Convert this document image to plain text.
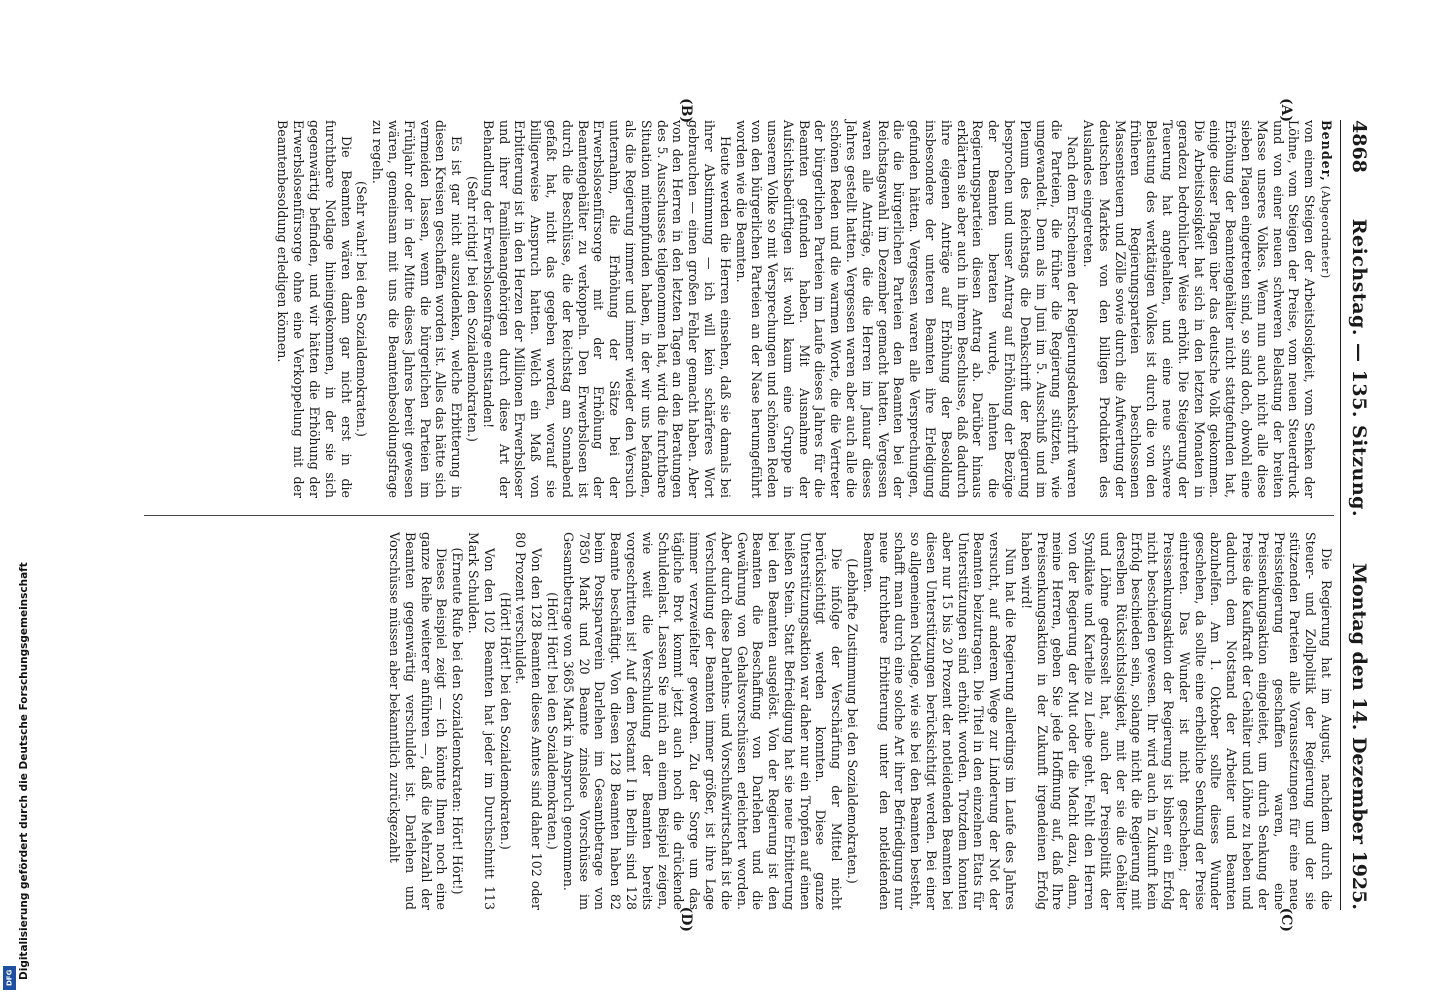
Digitalisierung gefördert durch die Deutsche Forschungsgemeinschaft
DFG
4868
Reichstag. — 135. Sitzung.
Montag den 14. Dezember 1925.
(A)
(B)
(C)
(D)

Bender, (Abgeordneter)

von einem Steigen der Arbeitslosigkeit, vom Senken der Löhne, vom Steigen der Preise, vom neuen Steuerdruck und von einer neuen schweren Belastung der breiten Masse unseres Volkes. Wenn nun auch nicht alle diese sieben Plagen eingetreten sind, so sind doch, obwohl eine Erhöhung der Beamtengehälter nicht stattgefunden hat, einige dieser Plagen über das deutsche Volk gekommen. Die Arbeitslosigkeit hat sich in den letzten Monaten in geradezu bedrohlicher Weise erhöht. Die Steigerung der Teuerung hat angehalten, und eine neue schwere Belastung des werktätigen Volkes ist durch die von den früheren Regierungsparteien beschlossenen Massensteuern und Zölle sowie durch die Aufwertung der deutschen Marktes von den billigen Produkten des Auslandes eingetreten.

Nach dem Erscheinen der Regierungsdenkschrift waren die Parteien, die früher die Regierung stützten, wie umgewandelt. Denn als im Juni im 5. Ausschuß und im Plenum des Reichstags die Denkschrift der Regierung besprochen und unser Antrag auf Erhöhung der Bezüge der Beamten beraten wurde, lehnten die Regierungsparteien diesen Antrag ab. Darüber hinaus erklärten sie aber auch in ihrem Beschlusse, daß dadurch ihre eigenen Anträge auf Erhöhung der Besoldung insbesondere der unteren Beamten ihre Erledigung gefunden hätten. Vergessen waren alle Versprechungen, die die bürgerlichen Parteien den Beamten bei der Reichstagswahl im Dezember gemacht hatten. Vergessen waren alle Anträge, die die Herren im Januar dieses Jahres gestellt hatten. Vergessen waren aber auch alle die schönen Reden und die warmen Worte, die die Vertreter der bürgerlichen Parteien im Laufe dieses Jahres für die Beamten gefunden haben. Mit Ausnahme der Aufsichtsbedürftigen ist wohl kaum eine Gruppe in unserem Volke so mit Versprechungen und schönen Reden von den bürgerlichen Parteien an der Nase herumgeführt worden wie die Beamten.

Heute werden die Herren einsehen, daß sie damals bei ihrer Abstimmung — ich will kein schärferes Wort gebrauchen — einen großen Fehler gemacht haben. Aber von den Herren in den letzten Tagen an den Beratungen des 5. Ausschusses teilgenommen hat, wird die furchtbare Situation mitempfunden haben, in der wir uns befanden, als die Regierung immer und immer wieder den Versuch unternahm, die Erhöhung der Sätze bei der Erwerbslosenfürsorge mit der Erhöhung der Beamtengehälter zu verkoppeln. Den Erwerbslosen ist durch die Beschlüsse, die der Reichstag am Sonnabend gefaßt hat, nicht das gegeben worden, worauf sie billigerweise Anspruch hatten. Welch ein Maß von Erbitterung ist in den Herzen der Millionen Erwerbsloser und ihrer Familienangehörigen durch diese Art der Behandlung der Erwerbslosenfrage entstanden!

(Sehr richtig! bei den Sozialdemokraten.)

Es ist gar nicht auszudenken, welche Erbitterung in diesen Kreisen geschaffen worden ist. Alles das hätte sich vermeiden lassen, wenn die bürgerlichen Parteien im Frühjahr oder in der Mitte dieses Jahres bereit gewesen wären, gemeinsam mit uns die Beamtenbesoldungsfrage zu regeln.

(Sehr wahr! bei den Sozialdemokraten.)

Die Beamten wären dann gar nicht erst in die furchtbare Notlage hineingekommen, in der sie sich gegenwärtig befinden, und wir hätten die Erhöhung der Erwerbslosenfürsorge ohne eine Verkoppelung mit der Beamtenbesoldung erledigen können.

Die Regierung hat im August, nachdem durch die Steuer- und Zollpolitik der Regierung und der sie stützenden Parteien alle Voraussetzungen für eine neue Preissteigerung geschaffen waren, eine Preissenkungsaktion eingeleitet, um durch Senkung der Preise die Kaufkraft der Gehälter und Löhne zu heben und dadurch dem Notstand der Arbeiter und Beamten abzuhelfen. Am 1. Oktober sollte dieses Wunder geschehen, da sollte eine erhebliche Senkung der Preise eintreten. Das Wunder ist nicht geschehen; der Preissenkungsaktion der Regierung ist bisher ein Erfolg nicht beschieden gewesen. Ihr wird auch in Zukunft kein Erfolg beschieden sein, solange nicht die Regierung mit derselben Rücksichtslosigkeit, mit der sie die Gehälter und Löhne gedrosselt hat, auch der Preispolitik der Syndikate und Kartelle zu Leibe geht. Fehlt den Herren von der Regierung der Mut oder die Macht dazu, dann, meine Herren, geben Sie jede Hoffnung auf, daß Ihre Preissenkungsaktion in der Zukunft irgendeinen Erfolg haben wird!

Nun hat die Regierung allerdings im Laufe des Jahres versucht, auf anderem Wege zur Linderung der Not der Beamten beizutragen. Die Titel in den einzelnen Etats für Unterstützungen sind erhöht worden. Trotzdem konnten aber nur 15 bis 20 Prozent der notleidenden Beamten bei diesen Unterstützungen berücksichtigt werden. Bei einer so allgemeinen Notlage, wie sie bei den Beamten besteht, schafft man durch eine solche Art ihrer Befriedigung nur neue furchtbare Erbitterung unter den notleidenden Beamten.

(Lebhafte Zustimmung bei den Sozialdemokraten.)

Die infolge der Verschärfung der Mittel nicht berücksichtigt werden konnten. Diese ganze Unterstützungsaktion war daher nur ein Tropfen auf einen heißen Stein. Statt Befriedigung hat sie neue Erbitterung bei den Beamten ausgelöst. Von der Regierung ist den Beamten die Beschaffung von Darlehen und die Gewährung von Gehaltsvorschüssen erleichtert worden. Aber durch diese Darlehns- und Vorschußwirtschaft ist die Verschuldung der Beamten immer größer, ist ihre Lage immer verzweifelter geworden. Zu der Sorge um das tägliche Brot kommt jetzt auch noch die drückende Schuldenlast. Lassen Sie mich an einem Beispiel zeigen, wie weit die Verschuldung der Beamten bereits vorgeschritten ist! Auf dem Postamt I in Berlin sind 128 Beamte beschäftigt. Von diesen 128 Beamten haben 82 beim Postsparverein Darlehen im Gesamtbetrage von 7850 Mark und 20 Beamte zinslose Vorschüsse im Gesamtbetrage von 3685 Mark in Anspruch genommen.

(Hört! Hört! bei den Sozialdemokraten.)

Von den 128 Beamten dieses Amtes sind daher 102 oder 80 Prozent verschuldet.

(Hört! Hört! bei den Sozialdemokraten.)

Von den 102 Beamten hat jeder im Durchschnitt 113 Mark Schulden.

(Erneute Rufe bei den Sozialdemokraten: Hört! Hört!)

Dieses Beispiel zeigt — ich könnte Ihnen noch eine ganze Reihe weiterer anführen —, daß die Mehrzahl der Beamten gegenwärtig verschuldet ist. Darlehen und Vorschüsse müssen aber bekanntlich zurückgezahlt
